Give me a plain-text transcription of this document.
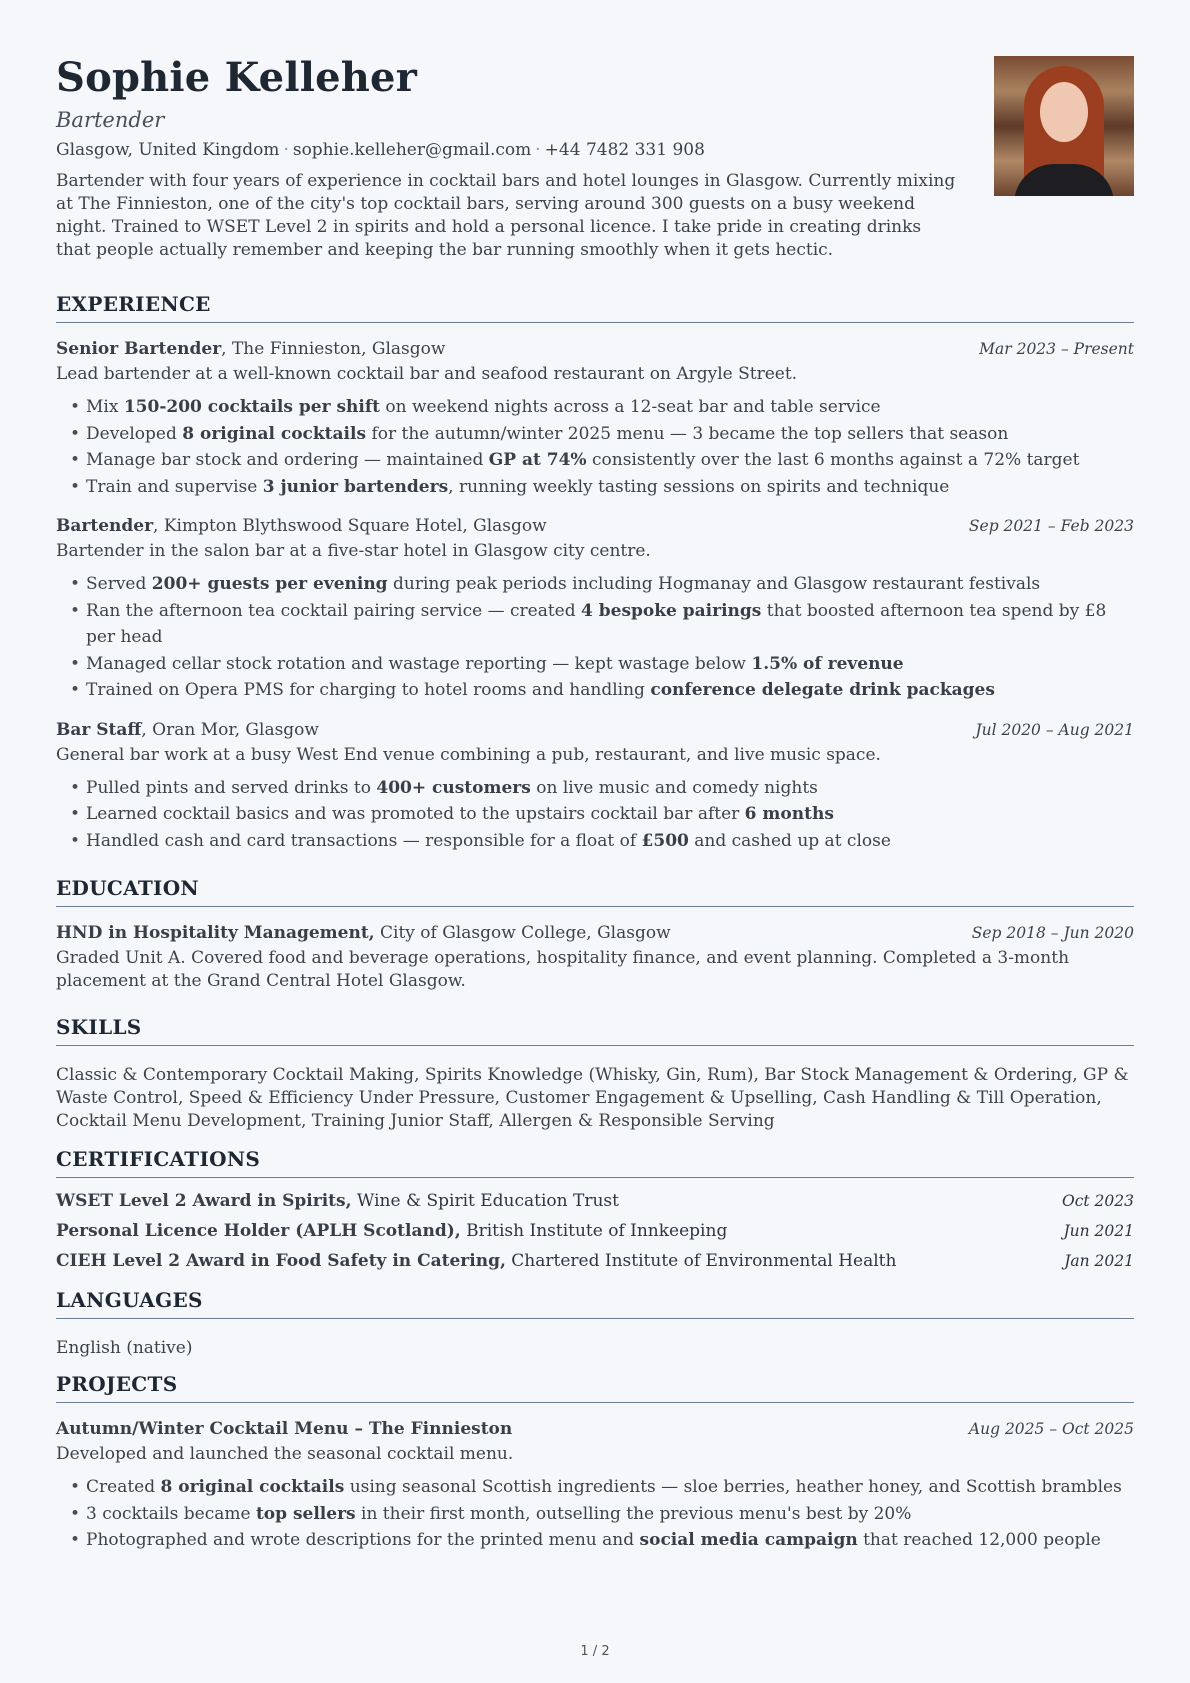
Sophie Kelleher
Bartender
Glasgow, United Kingdom · sophie.kelleher@gmail.com · +44 7482 331 908
Bartender with four years of experience in cocktail bars and hotel lounges in Glasgow. Currently mixing at The Finnieston, one of the city's top cocktail bars, serving around 300 guests on a busy weekend night. Trained to WSET Level 2 in spirits and hold a personal licence. I take pride in creating drinks that people actually remember and keeping the bar running smoothly when it gets hectic.
EXPERIENCE
Senior Bartender, The Finnieston, Glasgow	Mar 2023 – Present
Lead bartender at a well-known cocktail bar and seafood restaurant on Argyle Street.
• Mix 150-200 cocktails per shift on weekend nights across a 12-seat bar and table service
• Developed 8 original cocktails for the autumn/winter 2025 menu — 3 became the top sellers that season
• Manage bar stock and ordering — maintained GP at 74% consistently over the last 6 months against a 72% target
• Train and supervise 3 junior bartenders, running weekly tasting sessions on spirits and technique
Bartender, Kimpton Blythswood Square Hotel, Glasgow	Sep 2021 – Feb 2023
Bartender in the salon bar at a five-star hotel in Glasgow city centre.
• Served 200+ guests per evening during peak periods including Hogmanay and Glasgow restaurant festivals
• Ran the afternoon tea cocktail pairing service — created 4 bespoke pairings that boosted afternoon tea spend by £8 per head
• Managed cellar stock rotation and wastage reporting — kept wastage below 1.5% of revenue
• Trained on Opera PMS for charging to hotel rooms and handling conference delegate drink packages
Bar Staff, Oran Mor, Glasgow	Jul 2020 – Aug 2021
General bar work at a busy West End venue combining a pub, restaurant, and live music space.
• Pulled pints and served drinks to 400+ customers on live music and comedy nights
• Learned cocktail basics and was promoted to the upstairs cocktail bar after 6 months
• Handled cash and card transactions — responsible for a float of £500 and cashed up at close
EDUCATION
HND in Hospitality Management, City of Glasgow College, Glasgow	Sep 2018 – Jun 2020
Graded Unit A. Covered food and beverage operations, hospitality finance, and event planning. Completed a 3-month placement at the Grand Central Hotel Glasgow.
SKILLS
Classic & Contemporary Cocktail Making, Spirits Knowledge (Whisky, Gin, Rum), Bar Stock Management & Ordering, GP & Waste Control, Speed & Efficiency Under Pressure, Customer Engagement & Upselling, Cash Handling & Till Operation, Cocktail Menu Development, Training Junior Staff, Allergen & Responsible Serving
CERTIFICATIONS
WSET Level 2 Award in Spirits, Wine & Spirit Education Trust	Oct 2023
Personal Licence Holder (APLH Scotland), British Institute of Innkeeping	Jun 2021
CIEH Level 2 Award in Food Safety in Catering, Chartered Institute of Environmental Health	Jan 2021
LANGUAGES
English (native)
PROJECTS
Autumn/Winter Cocktail Menu – The Finnieston	Aug 2025 – Oct 2025
Developed and launched the seasonal cocktail menu.
• Created 8 original cocktails using seasonal Scottish ingredients — sloe berries, heather honey, and Scottish brambles
• 3 cocktails became top sellers in their first month, outselling the previous menu's best by 20%
• Photographed and wrote descriptions for the printed menu and social media campaign that reached 12,000 people
1 / 2
